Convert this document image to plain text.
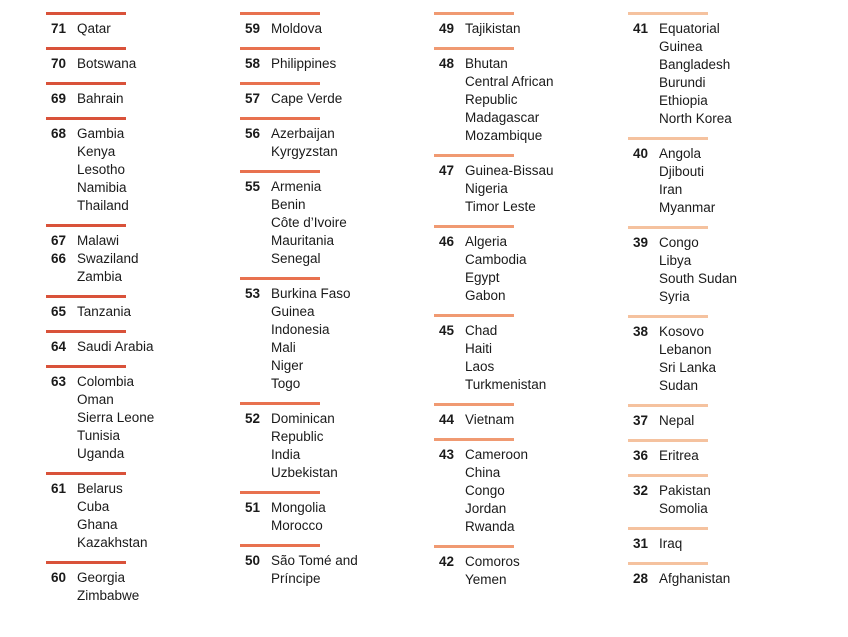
71 Qatar
70 Botswana
69 Bahrain
68 Gambia
Kenya
Lesotho
Namibia
Thailand
67 Malawi
66 Swaziland
Zambia
65 Tanzania
64 Saudi Arabia
63 Colombia
Oman
Sierra Leone
Tunisia
Uganda
61 Belarus
Cuba
Ghana
Kazakhstan
60 Georgia
Zimbabwe
59 Moldova
58 Philippines
57 Cape Verde
56 Azerbaijan
Kyrgyzstan
55 Armenia
Benin
Côte d’Ivoire
Mauritania
Senegal
53 Burkina Faso
Guinea
Indonesia
Mali
Niger
Togo
52 Dominican
Republic
India
Uzbekistan
51 Mongolia
Morocco
50 São Tomé and
Príncipe
49 Tajikistan
48 Bhutan
Central African
Republic
Madagascar
Mozambique
47 Guinea-Bissau
Nigeria
Timor Leste
46 Algeria
Cambodia
Egypt
Gabon
45 Chad
Haiti
Laos
Turkmenistan
44 Vietnam
43 Cameroon
China
Congo
Jordan
Rwanda
42 Comoros
Yemen
41 Equatorial
Guinea
Bangladesh
Burundi
Ethiopia
North Korea
40 Angola
Djibouti
Iran
Myanmar
39 Congo
Libya
South Sudan
Syria
38 Kosovo
Lebanon
Sri Lanka
Sudan
37 Nepal
36 Eritrea
32 Pakistan
Somolia
31 Iraq
28 Afghanistan
